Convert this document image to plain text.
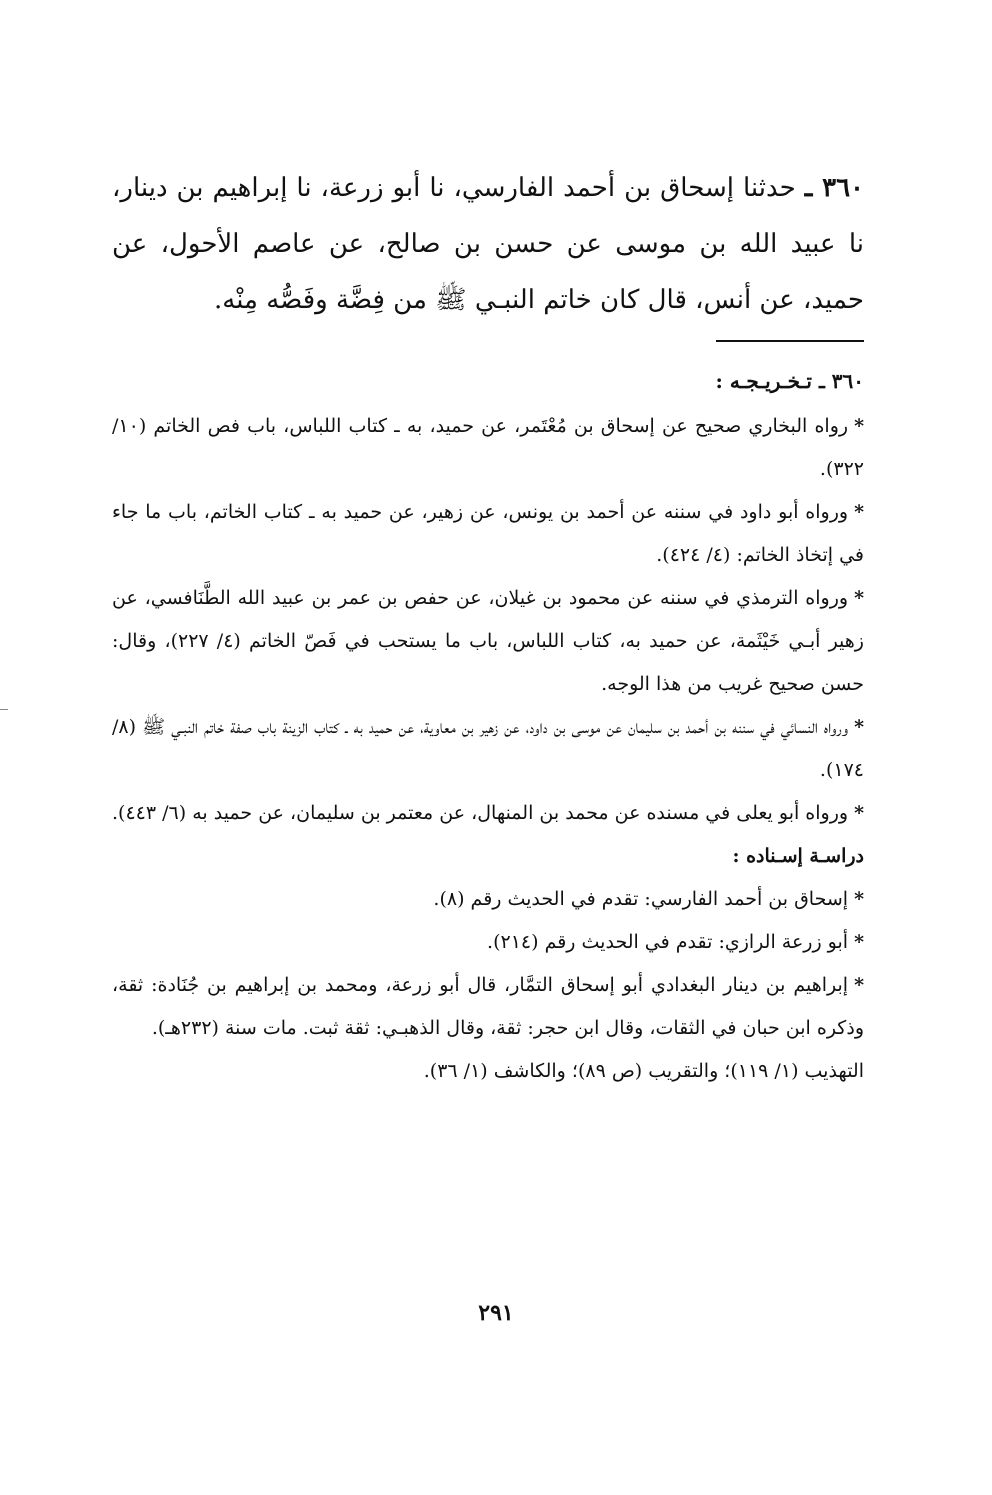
٣٦٠ ـ حدثنا إسحاق بن أحمد الفارسي، نا أبو زرعة، نا إبراهيم بن دينار، نا عبيد الله بن موسى عن حسن بن صالح، عن عاصم الأحول، عن حميد، عن أنس، قال كان خاتم النبـي ﷺ من فِضَّة وفَصُّه مِنْه.

٣٦٠ ـ تـخـريـجـه :

*رواه البخاري صحيح عن إسحاق بن مُعْتَمر، عن حميد، به ـ كتاب اللباس، باب فص الخاتم (١٠/ ٣٢٢).

*ورواه أبو داود في سننه عن أحمد بن يونس، عن زهير، عن حميد به ـ كتاب الخاتم، باب ما جاء في إتخاذ الخاتم: (٤/ ٤٢٤).

*ورواه الترمذي في سننه عن محمود بن غيلان، عن حفص بن عمر بن عبيد الله الطَّنَافسي، عن زهير أبـي خَيْثَمة، عن حميد به، كتاب اللباس، باب ما يستحب في فَصّ الخاتم (٤/ ٢٢٧)، وقال: حسن صحيح غريب من هذا الوجه.

*ورواه النسائي في سننه بن أحمد بن سليمان عن موسى بن داود، عن زهير بن معاوية، عن حميد به ـ كتاب الزينة باب صفة خاتم النبـي ﷺ (٨/ ١٧٤).

*ورواه أبو يعلى في مسنده عن محمد بن المنهال، عن معتمر بن سليمان، عن حميد به (٦/ ٤٤٣).

دراسـة إسـناده :

*إسحاق بن أحمد الفارسي: تقدم في الحديث رقم (٨).

*أبو زرعة الرازي: تقدم في الحديث رقم (٢١٤).

*إبراهيم بن دينار البغدادي أبو إسحاق التمَّار، قال أبو زرعة، ومحمد بن إبراهيم بن جُنَادة: ثقة، وذكره ابن حبان في الثقات، وقال ابن حجر: ثقة، وقال الذهبـي: ثقة ثبت. مات سنة (٢٣٢هـ).

التهذيب (١/ ١١٩)؛ والتقريب (ص ٨٩)؛ والكاشف (١/ ٣٦).

٢٩١
